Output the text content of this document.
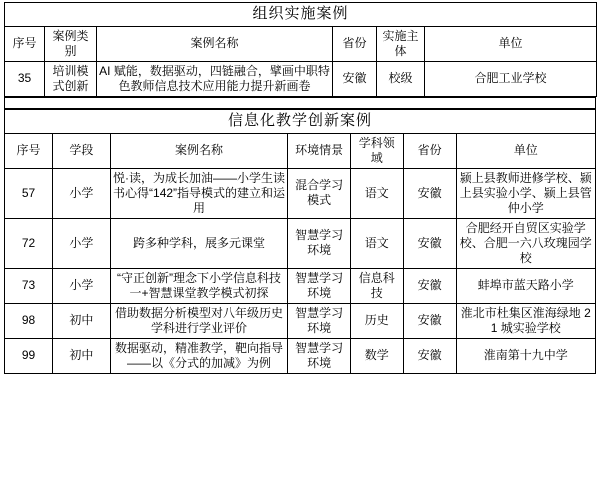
组织实施案例					
序号	案例类别	案例名称	省份	实施主体	单位
35	培训模式创新	AI 赋能，数据驱动，四链融合，擘画中职特色教师信息技术应用能力提升新画卷	安徽	校级	合肥工业学校
信息化教学创新案例						
序号	学段	案例名称	环境情景	学科领域	省份	单位
57	小学	悦·读，为成长加油——小学生读书心得“142”指导模式的建立和运用	混合学习模式	语文	安徽	颍上县教师进修学校、颍上县实验小学、颍上县管仲小学
72	小学	跨多种学科，展多元课堂	智慧学习环境	语文	安徽	合肥经开自贸区实验学校、合肥一六八玫瑰园学校
73	小学	“守正创新”理念下小学信息科技一+智慧课堂教学模式初探	智慧学习环境	信息科技	安徽	蚌埠市蓝天路小学
98	初中	借助数据分析模型对八年级历史学科进行学业评价	智慧学习环境	历史	安徽	淮北市杜集区淮海绿地 21 城实验学校
99	初中	数据驱动，精准教学，靶向指导——以《分式的加减》为例	智慧学习环境	数学	安徽	淮南第十九中学
